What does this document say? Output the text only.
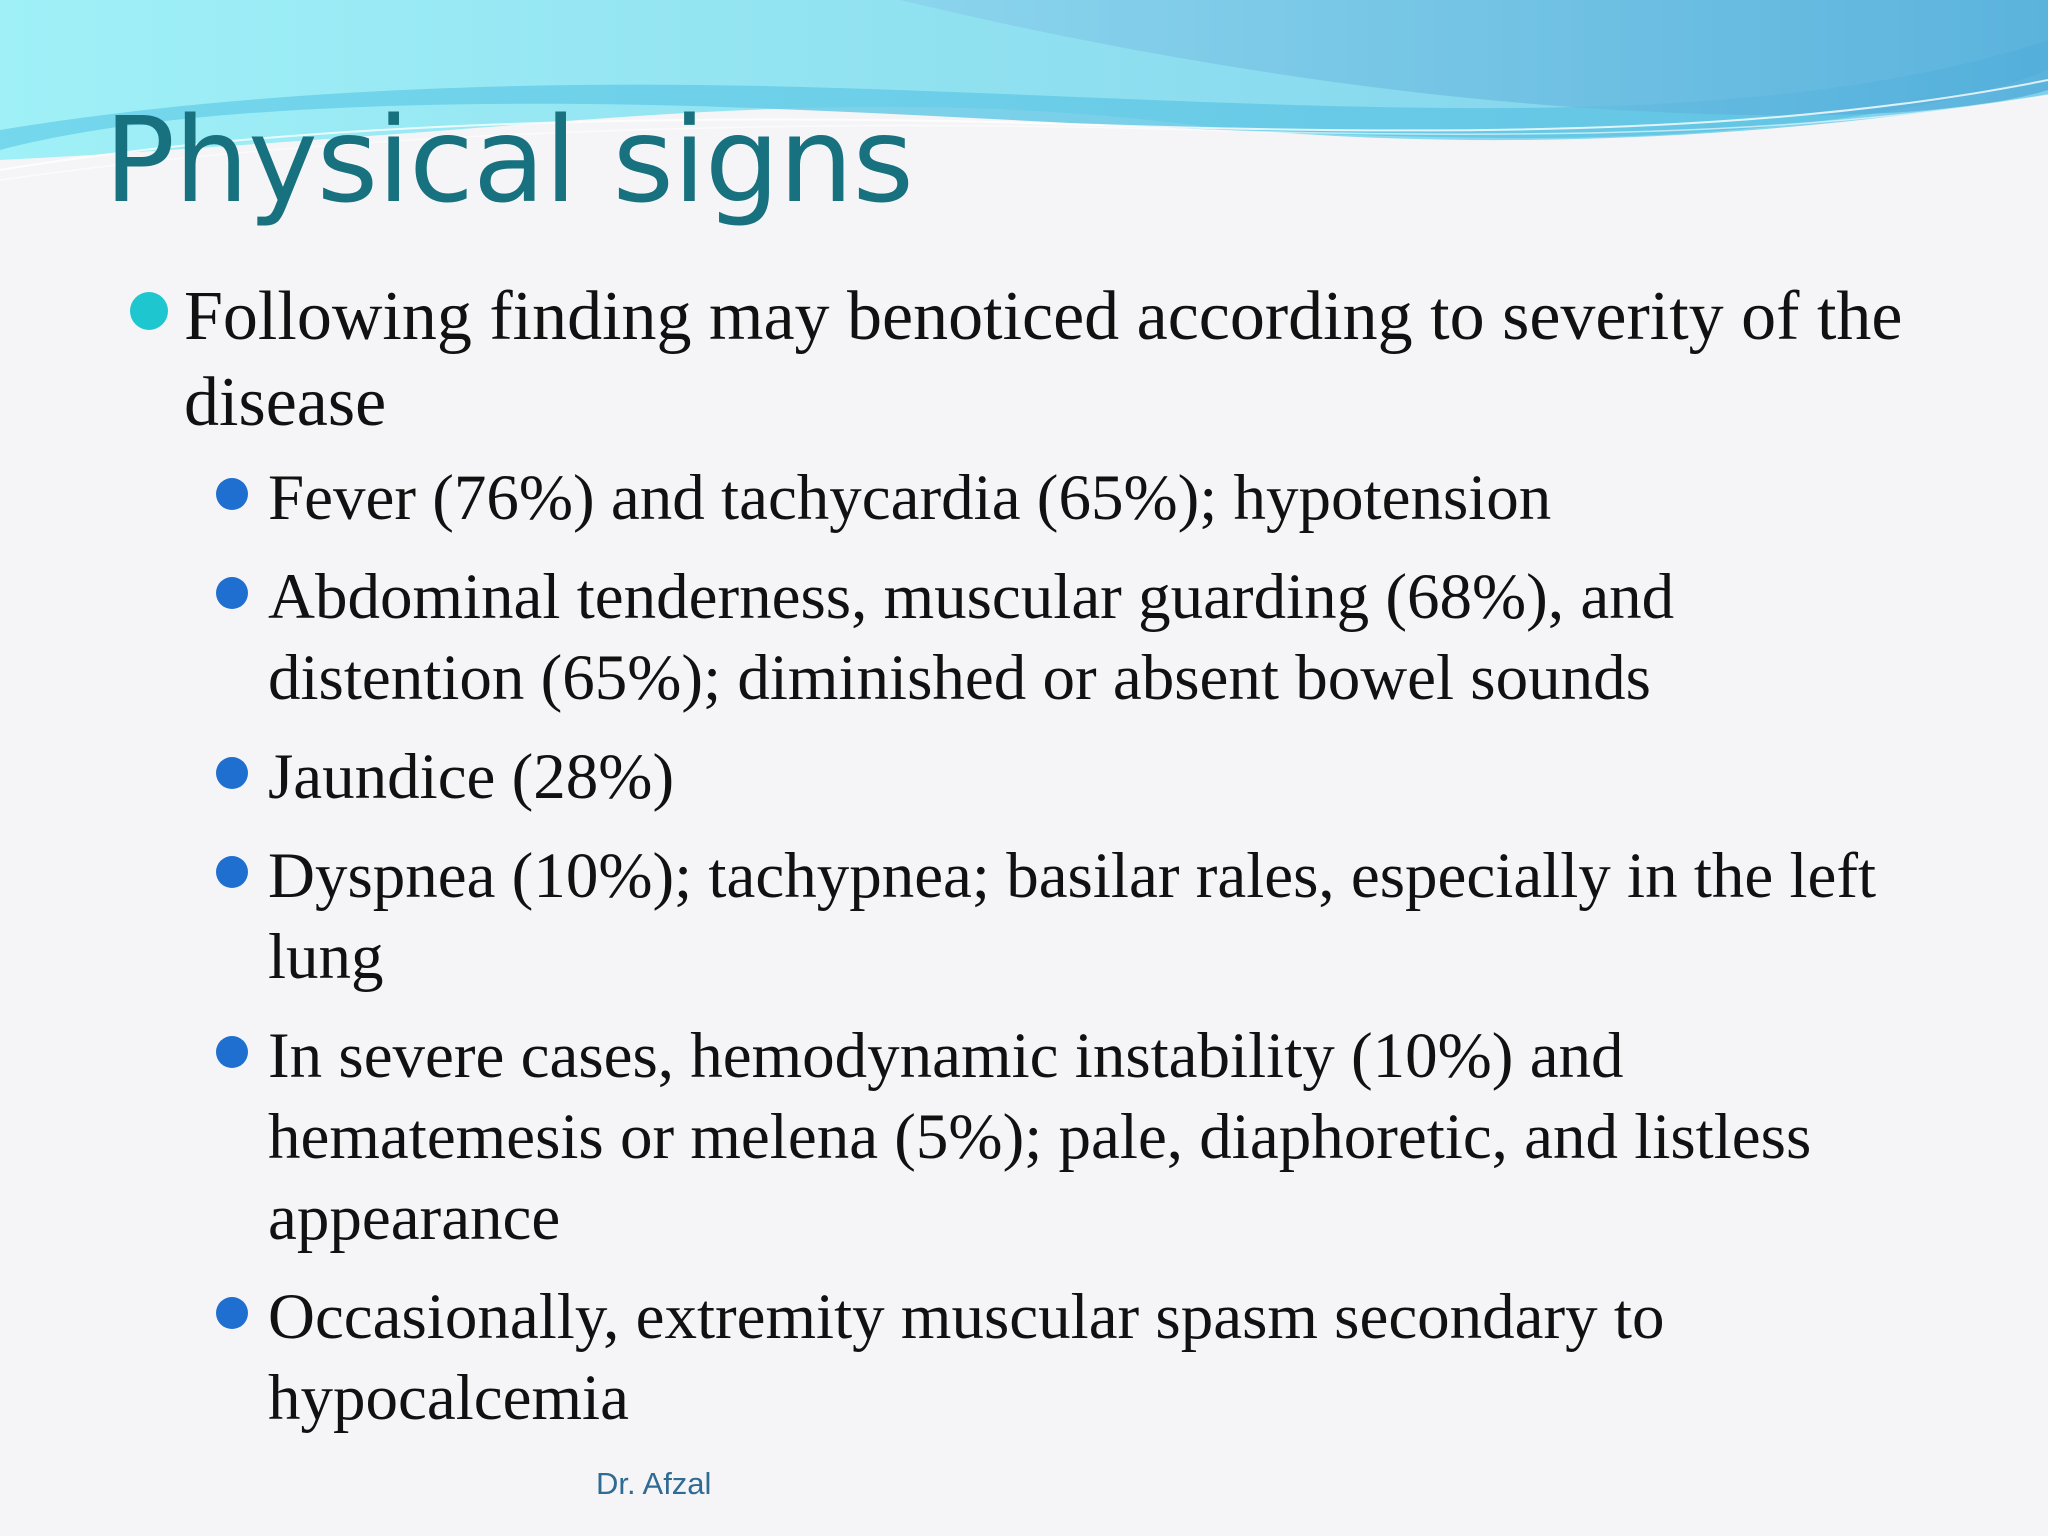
Physical signs
Following finding may benoticed according to severity of the disease
Fever (76%) and tachycardia (65%); hypotension
Abdominal tenderness, muscular guarding (68%), and distention (65%); diminished or absent bowel sounds
Jaundice (28%)
Dyspnea (10%); tachypnea; basilar rales, especially in the left lung
In severe cases, hemodynamic instability (10%) and hematemesis or melena (5%); pale, diaphoretic, and listless appearance
Occasionally, extremity muscular spasm secondary to hypocalcemia
Dr. Afzal
